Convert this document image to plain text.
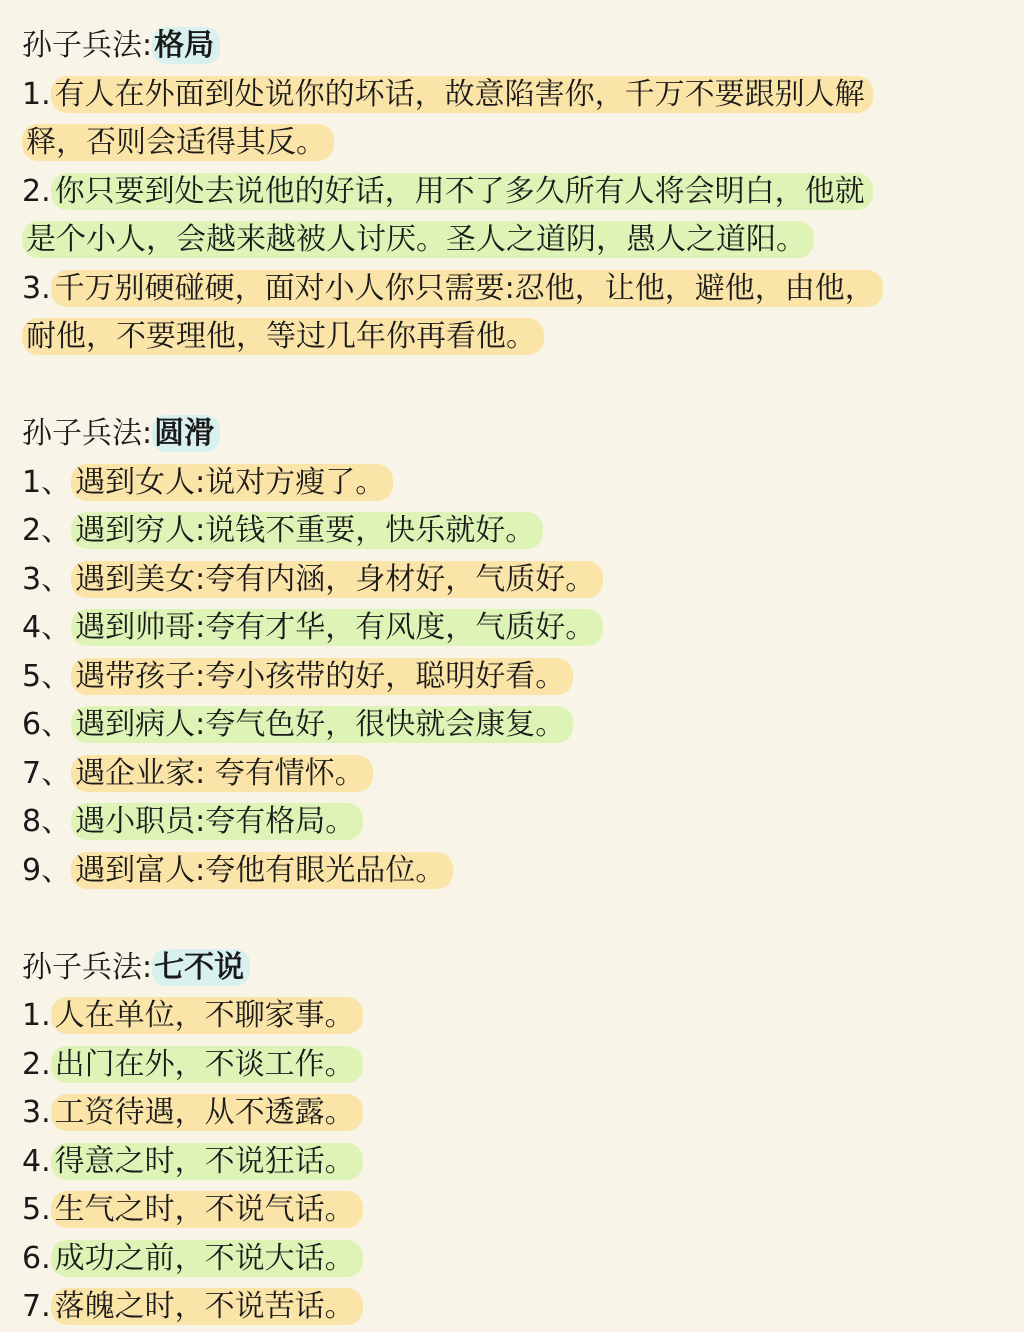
孙子兵法:格局
1. 有人在外面到处说你的坏话，故意陷害你，千万不要跟别人解
释，否则会适得其反。
2. 你只要到处去说他的好话，用不了多久所有人将会明白，他就
是个小人，会越来越被人讨厌。圣人之道阴，愚人之道阳。
3. 千万别硬碰硬，面对小人你只需要:忍他，让他，避他，由他，
耐他，不要理他，等过几年你再看他。
孙子兵法:圆滑
1、 遇到女人:说对方瘦了。
2、 遇到穷人:说钱不重要，快乐就好。
3、 遇到美女:夸有内涵，身材好，气质好。
4、 遇到帅哥:夸有才华，有风度，气质好。
5、 遇带孩子:夸小孩带的好，聪明好看。
6、 遇到病人:夸气色好，很快就会康复。
7、 遇企业家: 夸有情怀。
8、 遇小职员:夸有格局。
9、 遇到富人:夸他有眼光品位。
孙子兵法:七不说
1. 人在单位，不聊家事。
2. 出门在外，不谈工作。
3. 工资待遇，从不透露。
4. 得意之时，不说狂话。
5. 生气之时，不说气话。
6. 成功之前，不说大话。
7. 落魄之时，不说苦话。
